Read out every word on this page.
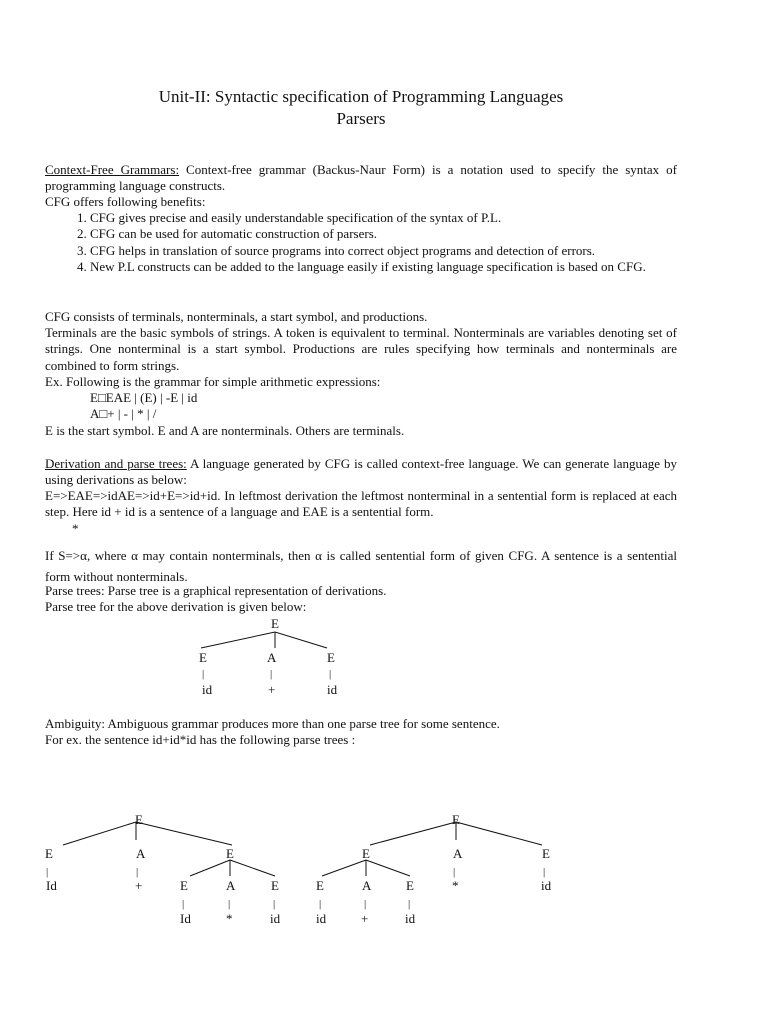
Unit-II: Syntactic specification of Programming Languages
Parsers
Context-Free Grammars: Context-free grammar (Backus-Naur Form) is a notation used to specify the syntax of programming language constructs.
CFG offers following benefits:
1. CFG gives precise and easily understandable specification of the syntax of P.L.
2. CFG can be used for automatic construction of parsers.
3. CFG helps in translation of source programs into correct object programs and detection of errors.
4. New P.L constructs can be added to the language easily if existing language specification is based on CFG.
CFG consists of terminals, nonterminals, a start symbol, and productions.
Terminals are the basic symbols of strings. A token is equivalent to terminal. Nonterminals are variables denoting set of strings. One nonterminal is a start symbol. Productions are rules specifying how terminals and nonterminals are combined to form strings.
Ex. Following is the grammar for simple arithmetic expressions:
E□EAE | (E) | -E | id
A□+ | - | * | /
E is the start symbol. E and A are nonterminals. Others are terminals.
Derivation and parse trees: A language generated by CFG is called context-free language. We can generate language by using derivations as below:
E=>EAE=>idAE=>id+E=>id+id. In leftmost derivation the leftmost nonterminal in a sentential form is replaced at each step. Here id + id is a sentence of a language and EAE is a sentential form.
*
If S=>α, where α may contain nonterminals, then α is called sentential form of given CFG. A sentence is a sentential form without nonterminals.
Parse trees: Parse tree is a graphical representation of derivations.
Parse tree for the above derivation is given below:
E
E	A	E
|	|	|
id	+	id
Ambiguity: Ambiguous grammar produces more than one parse tree for some sentence.
For ex. the sentence id+id*id has the following parse trees :
E
E	A	E
|	|
Id	+	E	A	E
|	|	|
Id	*	id
E
E	A	E
|	|
E	A	E	*	id
|	|	|
id	+	id
